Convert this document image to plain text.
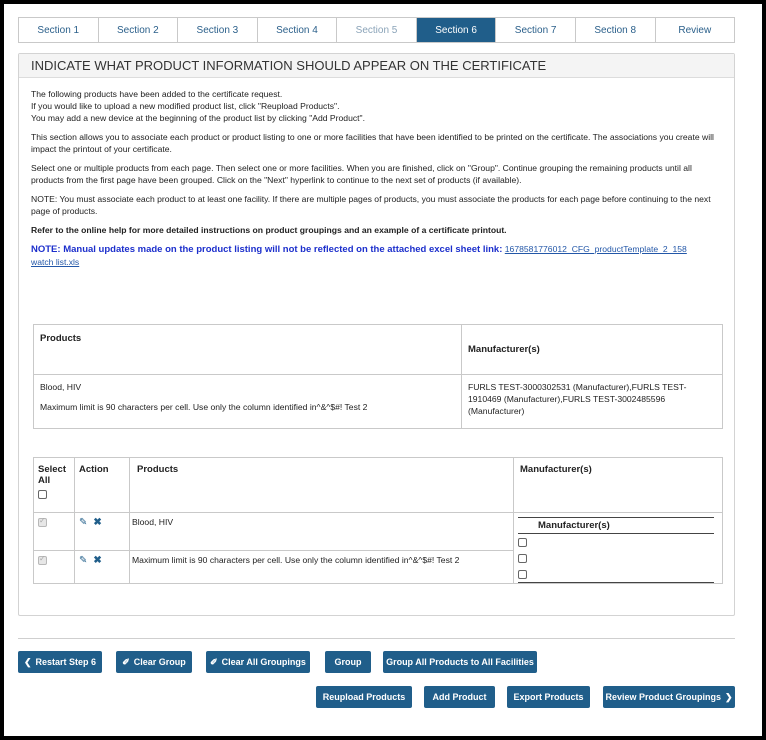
Section 1	Section 2	Section 3	Section 4	Section 5	Section 6	Section 7	Section 8	Review
INDICATE WHAT PRODUCT INFORMATION SHOULD APPEAR ON THE CERTIFICATE
The following products have been added to the certificate request.
If you would like to upload a new modified product list, click "Reupload Products".
You may add a new device at the beginning of the product list by clicking "Add Product".
This section allows you to associate each product or product listing to one or more facilities that have been identified to be printed on the certificate. The associations you create will impact the printout of your certificate.
Select one or multiple products from each page. Then select one or more facilities. When you are finished, click on "Group". Continue grouping the remaining products until all products from the first page have been grouped. Click on the "Next" hyperlink to continue to the next set of products (if available).
NOTE: You must associate each product to at least one facility. If there are multiple pages of products, you must associate the products for each page before continuing to the next page of products.
Refer to the online help for more detailed instructions on product groupings and an example of a certificate printout.
NOTE: Manual updates made on the product listing will not be reflected on the attached excel sheet link: 1678581776012_CFG_productTemplate_2_158
watch list.xls
Products	Manufacturer(s)

Blood, HIV
Maximum limit is 90 characters per cell. Use only the column identified in^&^$#! Test 2	FURLS TEST-3000302531 (Manufacturer),FURLS TEST-1910469 (Manufacturer),FURLS TEST-3002485596 (Manufacturer)
Select All	Action	Products	Manufacturer(s)
✓	✎ ✖	Blood, HIV	Manufacturer(s)

✓	✎ ✖	Maximum limit is 90 characters per cell. Use only the column identified in^&^$#! Test 2	
❮ Restart Step 6	✐ Clear Group	✐ Clear All Groupings	Group	Group All Products to All Facilities
Reupload Products	Add Product	Export Products	Review Product Groupings ❯
